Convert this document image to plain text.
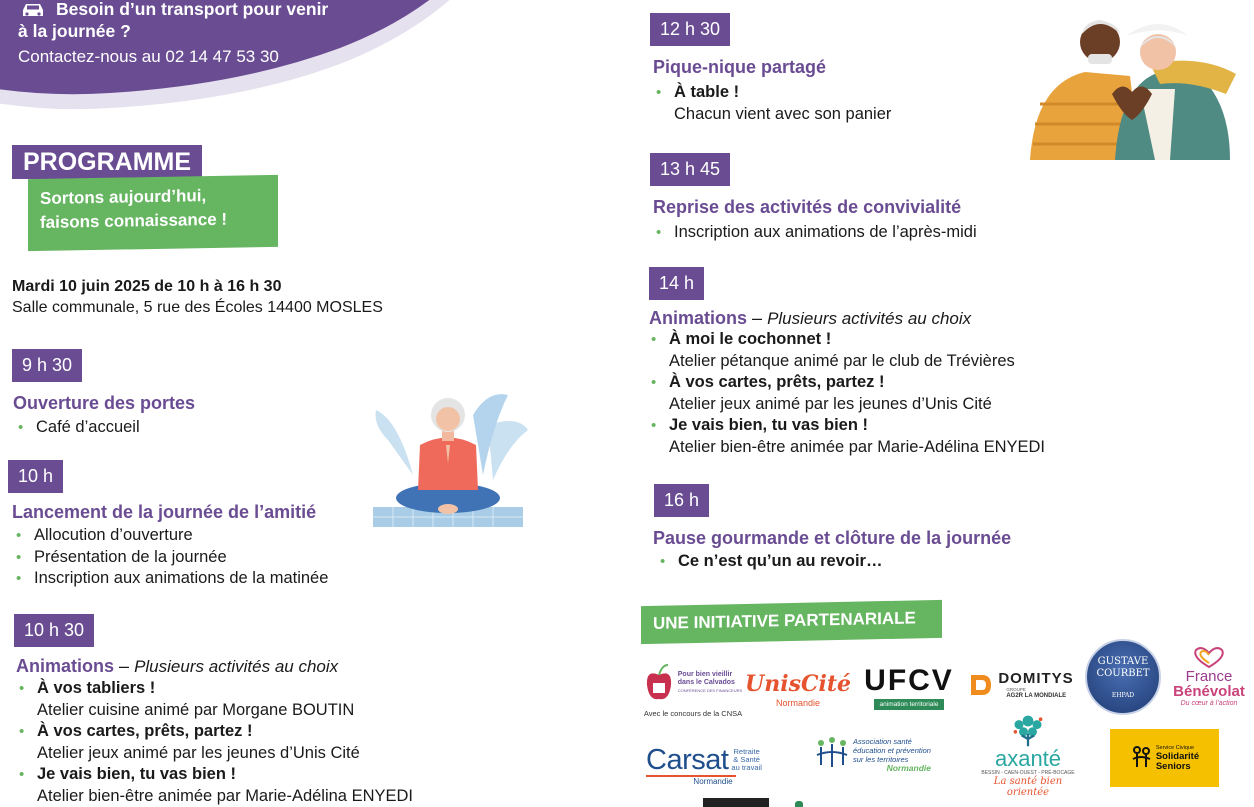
Besoin d’un transport pour venir
à la journée ?
Contactez-nous au 02 14 47 53 30
PROGRAMME
Sortons aujourd’hui,
faisons connaissance !
Mardi 10 juin 2025 de 10 h à 16 h 30
Salle communale, 5 rue des Écoles 14400 MOSLES
9 h 30
Ouverture des portes
• Café d’accueil
10 h
Lancement de la journée de l’amitié
• Allocution d’ouverture
• Présentation de la journée
• Inscription aux animations de la matinée
10 h 30
Animations – Plusieurs activités au choix
• À vos tabliers !
Atelier cuisine animé par Morgane BOUTIN
• À vos cartes, prêts, partez !
Atelier jeux animé par les jeunes d’Unis Cité
• Je vais bien, tu vas bien !
Atelier bien-être animée par Marie-Adélina ENYEDI
12 h 30
Pique-nique partagé
• À table !
Chacun vient avec son panier
13 h 45
Reprise des activités de convivialité
• Inscription aux animations de l’après-midi
14 h
Animations – Plusieurs activités au choix
• À moi le cochonnet !
Atelier pétanque animé par le club de Trévières
• À vos cartes, prêts, partez !
Atelier jeux animé par les jeunes d’Unis Cité
• Je vais bien, tu vas bien !
Atelier bien-être animée par Marie-Adélina ENYEDI
16 h
Pause gourmande et clôture de la journée
• Ce n’est qu’un au revoir…
UNE INITIATIVE PARTENARIALE
Pour bien vieillir
dans le Calvados
CONFÉRENCE DES FINANCEURS
Avec le concours de la CNSA
UnisCité
Normandie
UFCV
animation territoriale
DOMITYS
GROUPE
AG2R LA MONDIALE
GUSTAVE
COURBET
EHPAD
France
Bénévolat
Du cœur à l’action
Carsat Retraite
& Santé
au travail
Normandie
Association santé
éducation et prévention
sur les territoires
Normandie	axanté
BESSIN - CAEN-OUEST - PRÉ-BOCAGE
La santé bien orientée
Service Civique
Solidarité
Seniors
